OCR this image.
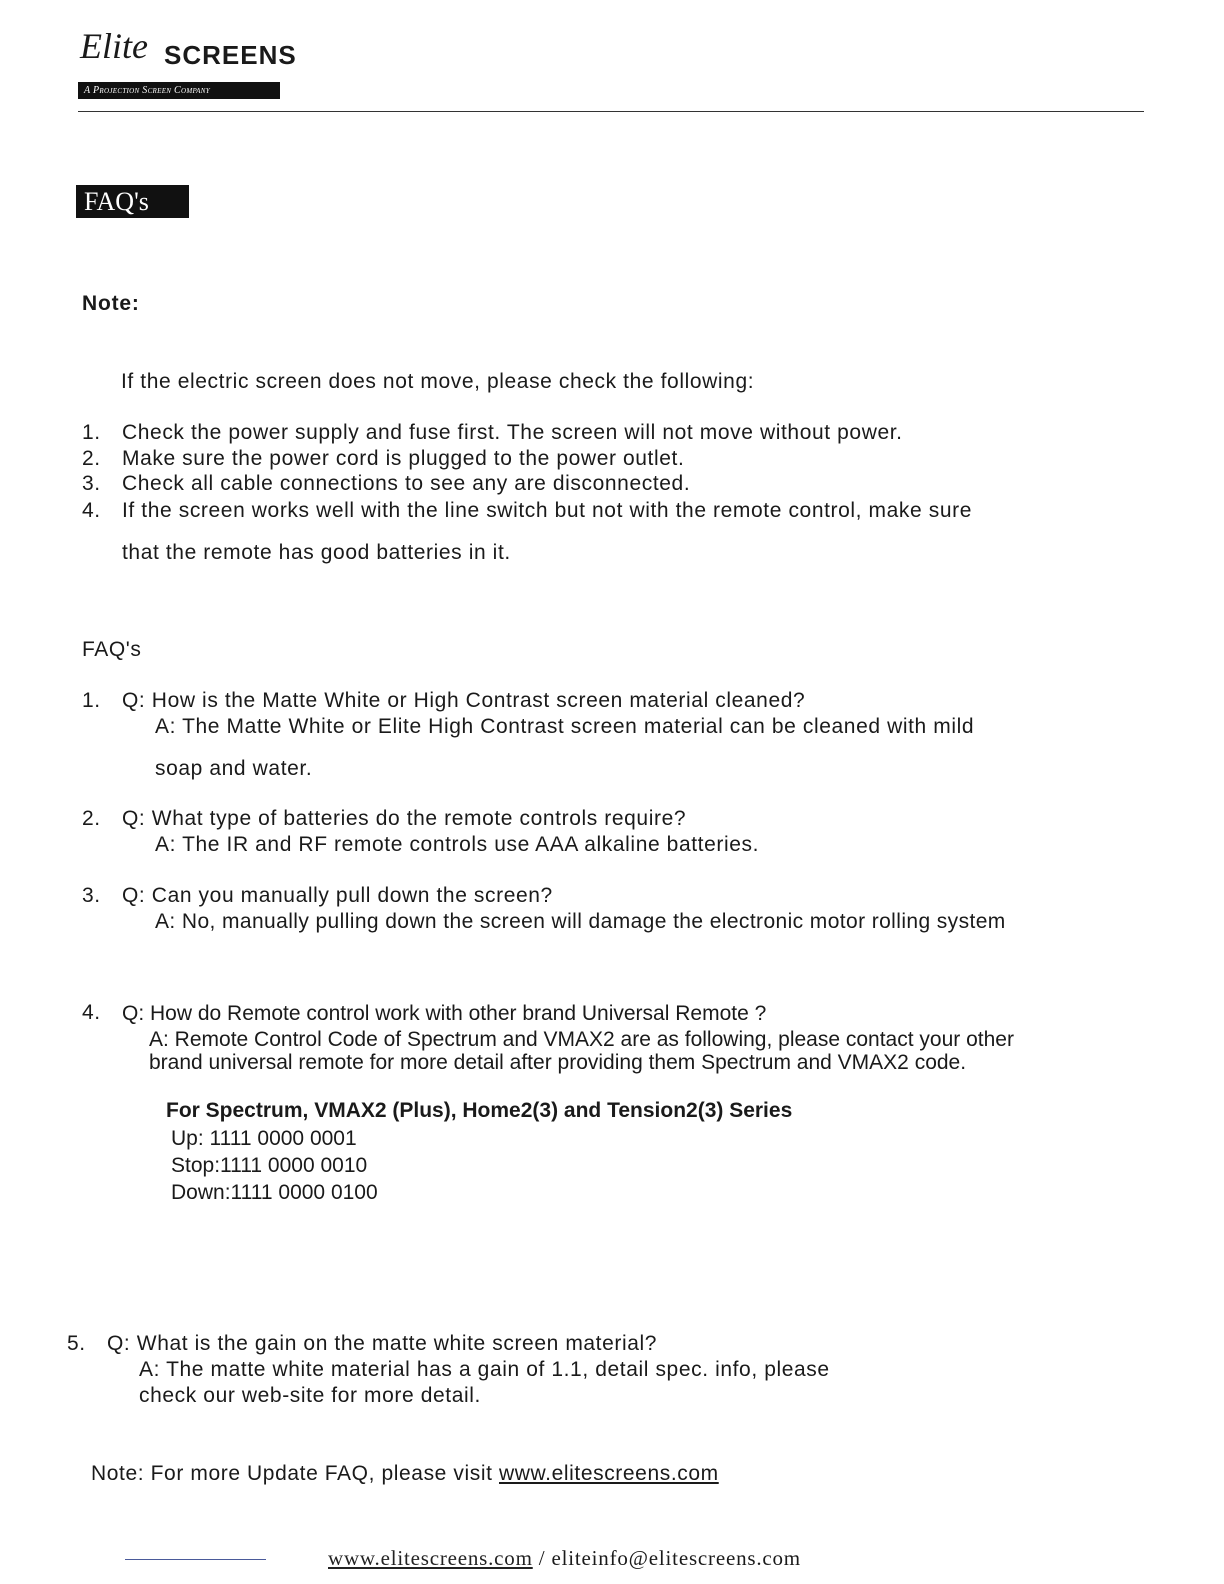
Elite SCREENS
A Projection Screen Company
FAQ's
Note:
If the electric screen does not move, please check the following:
1. Check the power supply and fuse first. The screen will not move without power.
2. Make sure the power cord is plugged to the power outlet.
3. Check all cable connections to see any are disconnected.
4. If the screen works well with the line switch but not with the remote control, make sure
that the remote has good batteries in it.
FAQ's
1. Q: How is the Matte White or High Contrast screen material cleaned?
A: The Matte White or Elite High Contrast screen material can be cleaned with mild
soap and water.
2. Q: What type of batteries do the remote controls require?
A: The IR and RF remote controls use AAA alkaline batteries.
3. Q: Can you manually pull down the screen?
A: No, manually pulling down the screen will damage the electronic motor rolling system
4. Q: How do Remote control work with other brand Universal Remote ?
A: Remote Control Code of Spectrum and VMAX2 are as following, please contact your other
brand universal remote for more detail after providing them Spectrum and VMAX2 code.
For Spectrum, VMAX2 (Plus), Home2(3) and Tension2(3) Series
Up: 1111 0000 0001
Stop:1111 0000 0010
Down:1111 0000 0100
5. Q: What is the gain on the matte white screen material?
A: The matte white material has a gain of 1.1, detail spec. info, please
check our web-site for more detail.
Note: For more Update FAQ, please visit www.elitescreens.com
www.elitescreens.com / eliteinfo@elitescreens.com
